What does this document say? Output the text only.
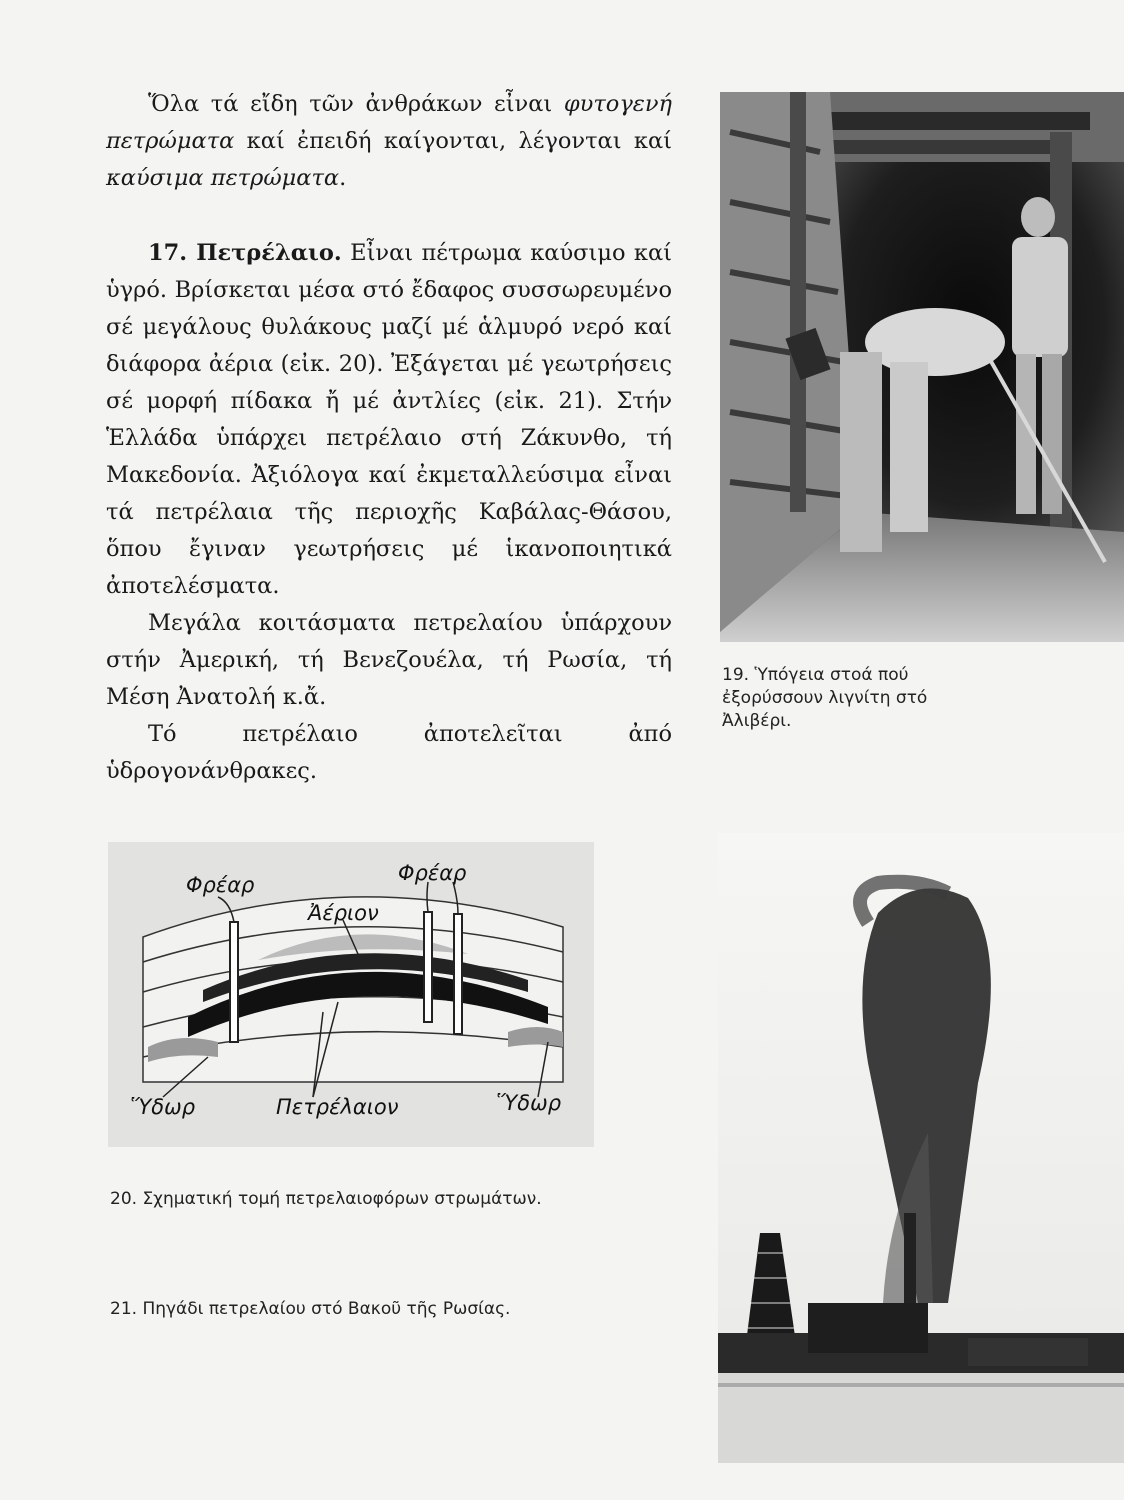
Ὅλα τά εἴδη τῶν ἀνθράκων εἶναι φυτογενή πετρώματα καί ἐπειδή καίγονται, λέγονται καί καύσιμα πετρώματα.

17. Πετρέλαιο. Εἶναι πέτρωμα καύσιμο καί ὑγρό. Βρίσκεται μέσα στό ἔδαφος συσσωρευμένο σέ μεγάλους θυλάκους μαζί μέ ἁλμυρό νερό καί διάφορα ἀέρια (εἰκ. 20). Ἐξάγεται μέ γεωτρήσεις σέ μορφή πίδακα ἤ μέ ἀντλίες (εἰκ. 21). Στήν Ἑλλάδα ὑπάρχει πετρέλαιο στή Ζάκυνθο, τή Μακεδονία. Ἀξιόλογα καί ἐκμεταλλεύσιμα εἶναι τά πετρέλαια τῆς περιοχῆς Καβάλας-Θάσου, ὅπου ἔγιναν γεωτρήσεις μέ ἱκανοποιητικά ἀποτελέσματα.

Μεγάλα κοιτάσματα πετρελαίου ὑπάρχουν στήν Ἀμερική, τή Βενεζουέλα, τή Ρωσία, τή Μέση Ἀνατολή κ.ἄ.

Τό πετρέλαιο ἀποτελεῖται ἀπό ὑδρογονάνθρακες.

19. Ὑπόγεια στοά πού ἐξορύσσουν λιγνίτη στό Ἀλιβέρι.
Φρέαρ	Φρέαρ
Ἀέριον
Ὕδωρ	Πετρέλαιον	Ὕδωρ
20. Σχηματική τομή πετρελαιοφόρων στρωμάτων.
21. Πηγάδι πετρελαίου στό Βακοῦ τῆς Ρωσίας.
